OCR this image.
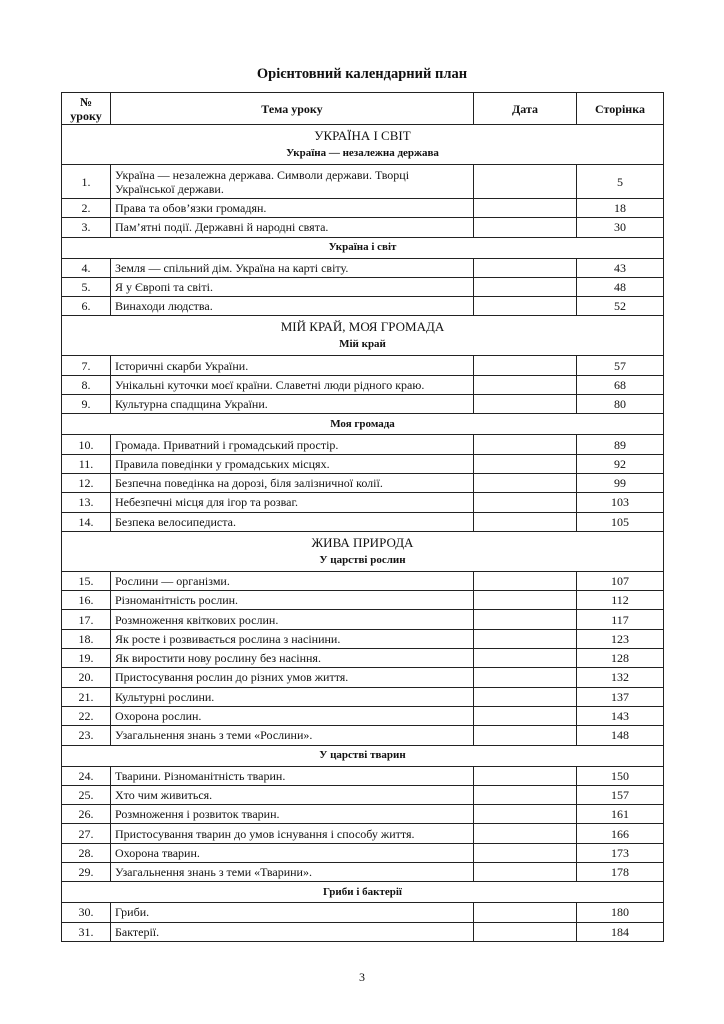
Орієнтовний календарний план
№ уроку	Тема уроку	Дата	Сторінка

УКРАЇНА І СВІТ
Україна — незалежна держава			

1.	Україна — незалежна держава. Символи держави. Творці Української держави.		5
2.	Права та обов’язки громадян.		18
3.	Пам’ятні події. Державні й народні свята.		30

Україна і світ			

4.	Земля — спільний дім. Україна на карті світу.		43
5.	Я у Європі та світі.		48
6.	Винаходи людства.		52

МІЙ КРАЙ, МОЯ ГРОМАДА
Мій край			

7.	Історичні скарби України.		57
8.	Унікальні куточки моєї країни. Славетні люди рідного краю.		68
9.	Культурна спадщина України.		80

Моя громада			

10.	Громада. Приватний і громадський простір.		89
11.	Правила поведінки у громадських місцях.		92
12.	Безпечна поведінка на дорозі, біля залізничної колії.		99
13.	Небезпечні місця для ігор та розваг.		103
14.	Безпека велосипедиста.		105

ЖИВА ПРИРОДА
У царстві рослин			

15.	Рослини — організми.		107
16.	Різноманітність рослин.		112
17.	Розмноження квіткових рослин.		117
18.	Як росте і розвивається рослина з насінини.		123
19.	Як виростити нову рослину без насіння.		128
20.	Пристосування рослин до різних умов життя.		132
21.	Культурні рослини.		137
22.	Охорона рослин.		143
23.	Узагальнення знань з теми «Рослини».		148

У царстві тварин			

24.	Тварини. Різноманітність тварин.		150
25.	Хто чим живиться.		157
26.	Розмноження і розвиток тварин.		161
27.	Пристосування тварин до умов існування і способу життя.		166
28.	Охорона тварин.		173
29.	Узагальнення знань з теми «Тварини».		178

Гриби і бактерії			

30.	Гриби.		180
31.	Бактерії.		184
3
